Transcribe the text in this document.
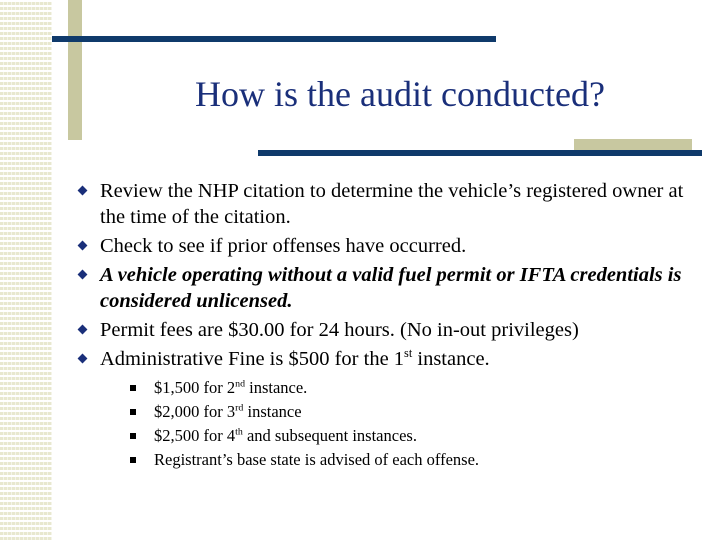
How is the audit conducted?
Review the NHP citation to determine the vehicle’s registered owner at the time of the citation.
Check to see if prior offenses have occurred.
A vehicle operating without a valid fuel permit or IFTA credentials is considered unlicensed.
Permit fees are $30.00 for 24 hours. (No in-out privileges)
Administrative Fine is $500 for the 1st instance.
$1,500 for 2nd instance.
$2,000 for 3rd instance
$2,500 for 4th and subsequent instances.
Registrant’s base state is advised of each offense.
